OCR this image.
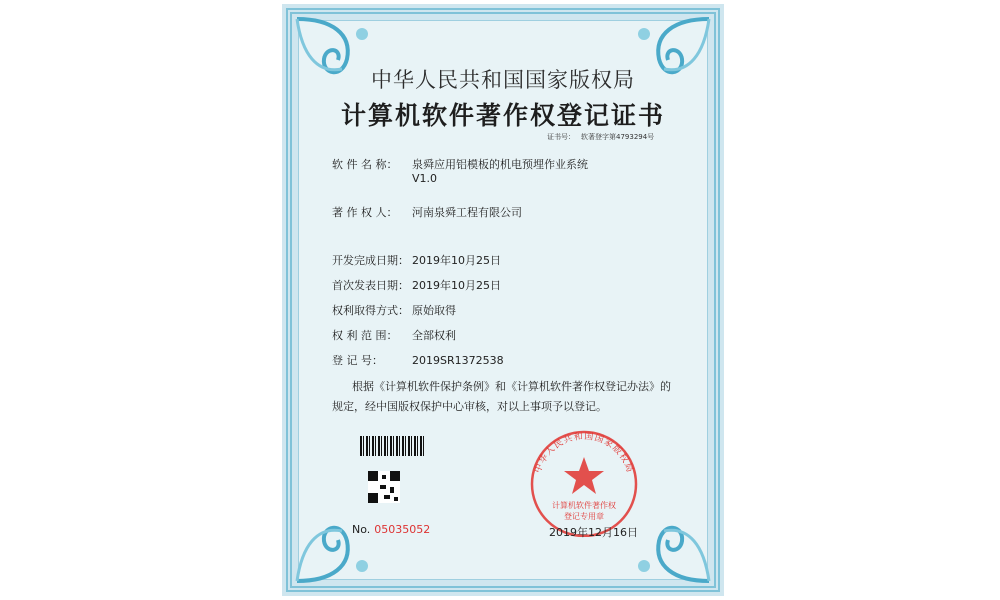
中华人民共和国国家版权局
计算机软件著作权登记证书
证书号： 软著登字第4793294号
软 件 名 称： 泉舜应用铝模板的机电预埋作业系统
V1.0
著 作 权 人： 河南泉舜工程有限公司
开发完成日期： 2019年10月25日
首次发表日期： 2019年10月25日
权利取得方式： 原始取得
权 利 范 围： 全部权利
登 记 号：	2019SR1372538
根据《计算机软件保护条例》和《计算机软件著作权登记办法》的
规定，经中国版权保护中心审核，对以上事项予以登记。
No. 05035052
中华人民共和国国家版权局
计算机软件著作权
登记专用章
2019年12月16日
